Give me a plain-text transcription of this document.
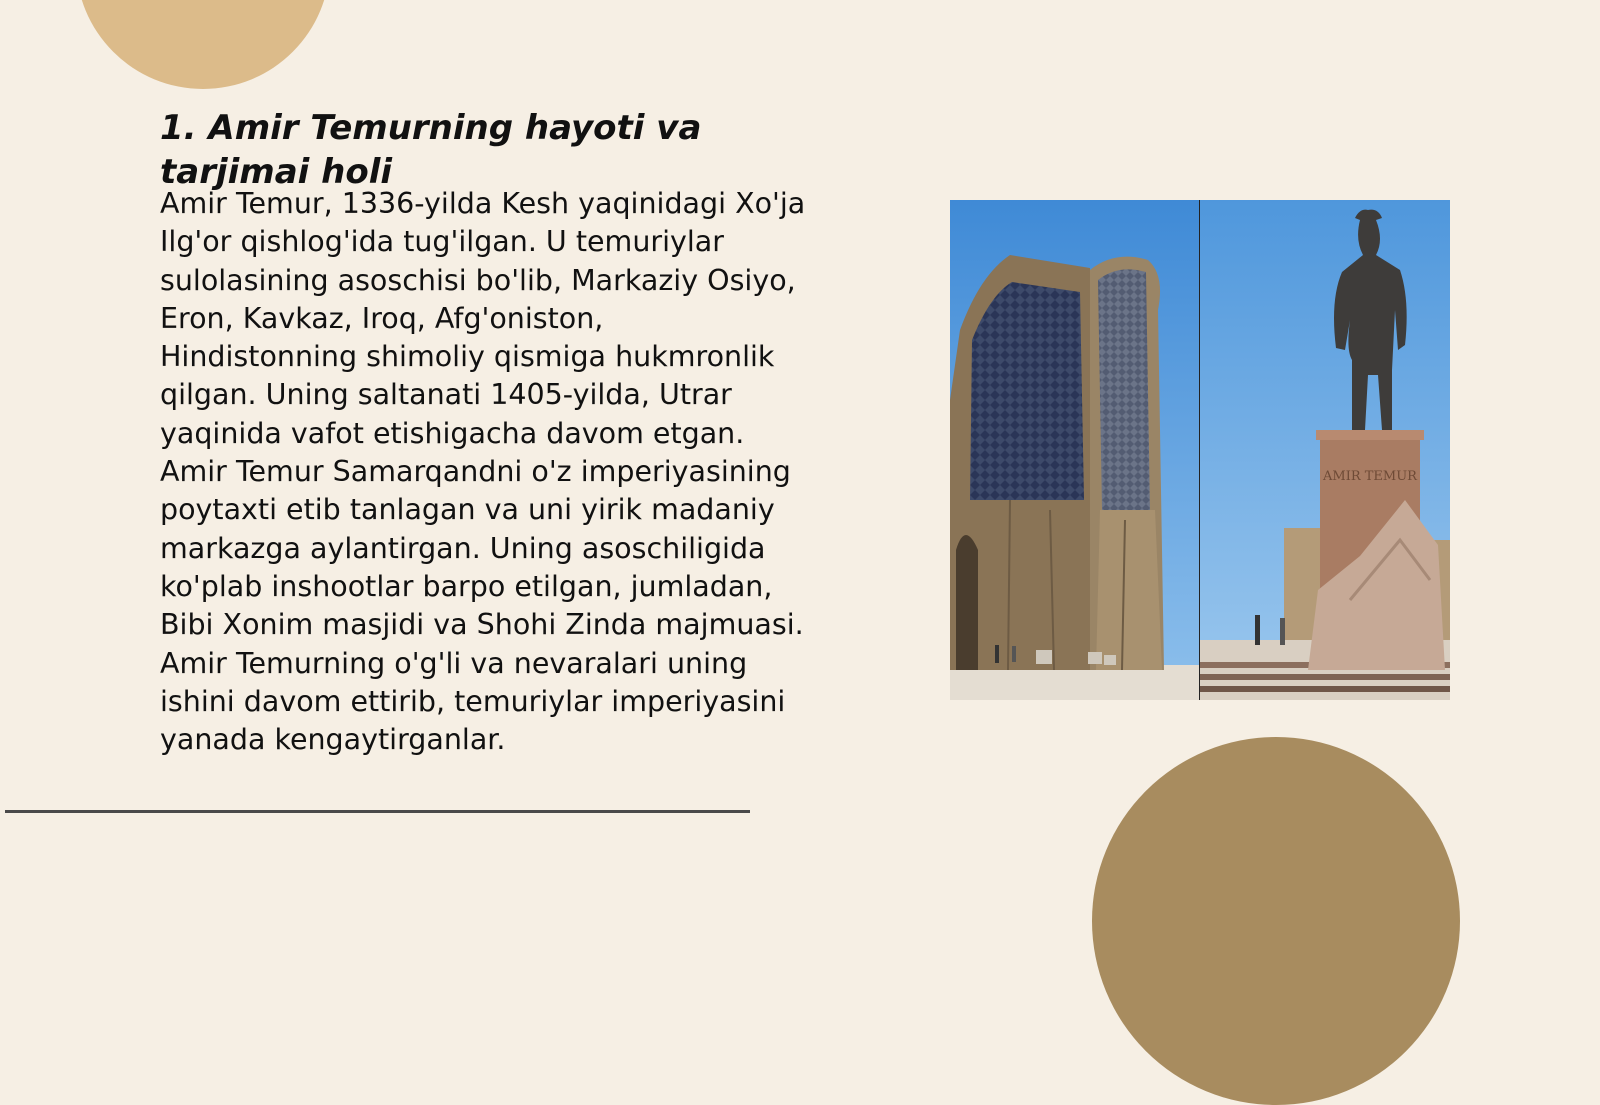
1. Amir Temurning hayoti va tarjimai holi

Amir Temur, 1336-yilda Kesh yaqinidagi Xo'ja
Ilg'or qishlog'ida tug'ilgan. U temuriylar
sulolasining asoschisi bo'lib, Markaziy Osiyo,
Eron, Kavkaz, Iroq, Afg'oniston,
Hindistonning shimoliy qismiga hukmronlik
qilgan. Uning saltanati 1405-yilda, Utrar
yaqinida vafot etishigacha davom etgan.
Amir Temur Samarqandni o'z imperiyasining
poytaxti etib tanlagan va uni yirik madaniy
markazga aylantirgan. Uning asoschiligida
ko'plab inshootlar barpo etilgan, jumladan,
Bibi Xonim masjidi va Shohi Zinda majmuasi.
Amir Temurning o'g'li va nevaralari uning
ishini davom ettirib, temuriylar imperiyasini
yanada kengaytirganlar.

AMIR TEMUR
